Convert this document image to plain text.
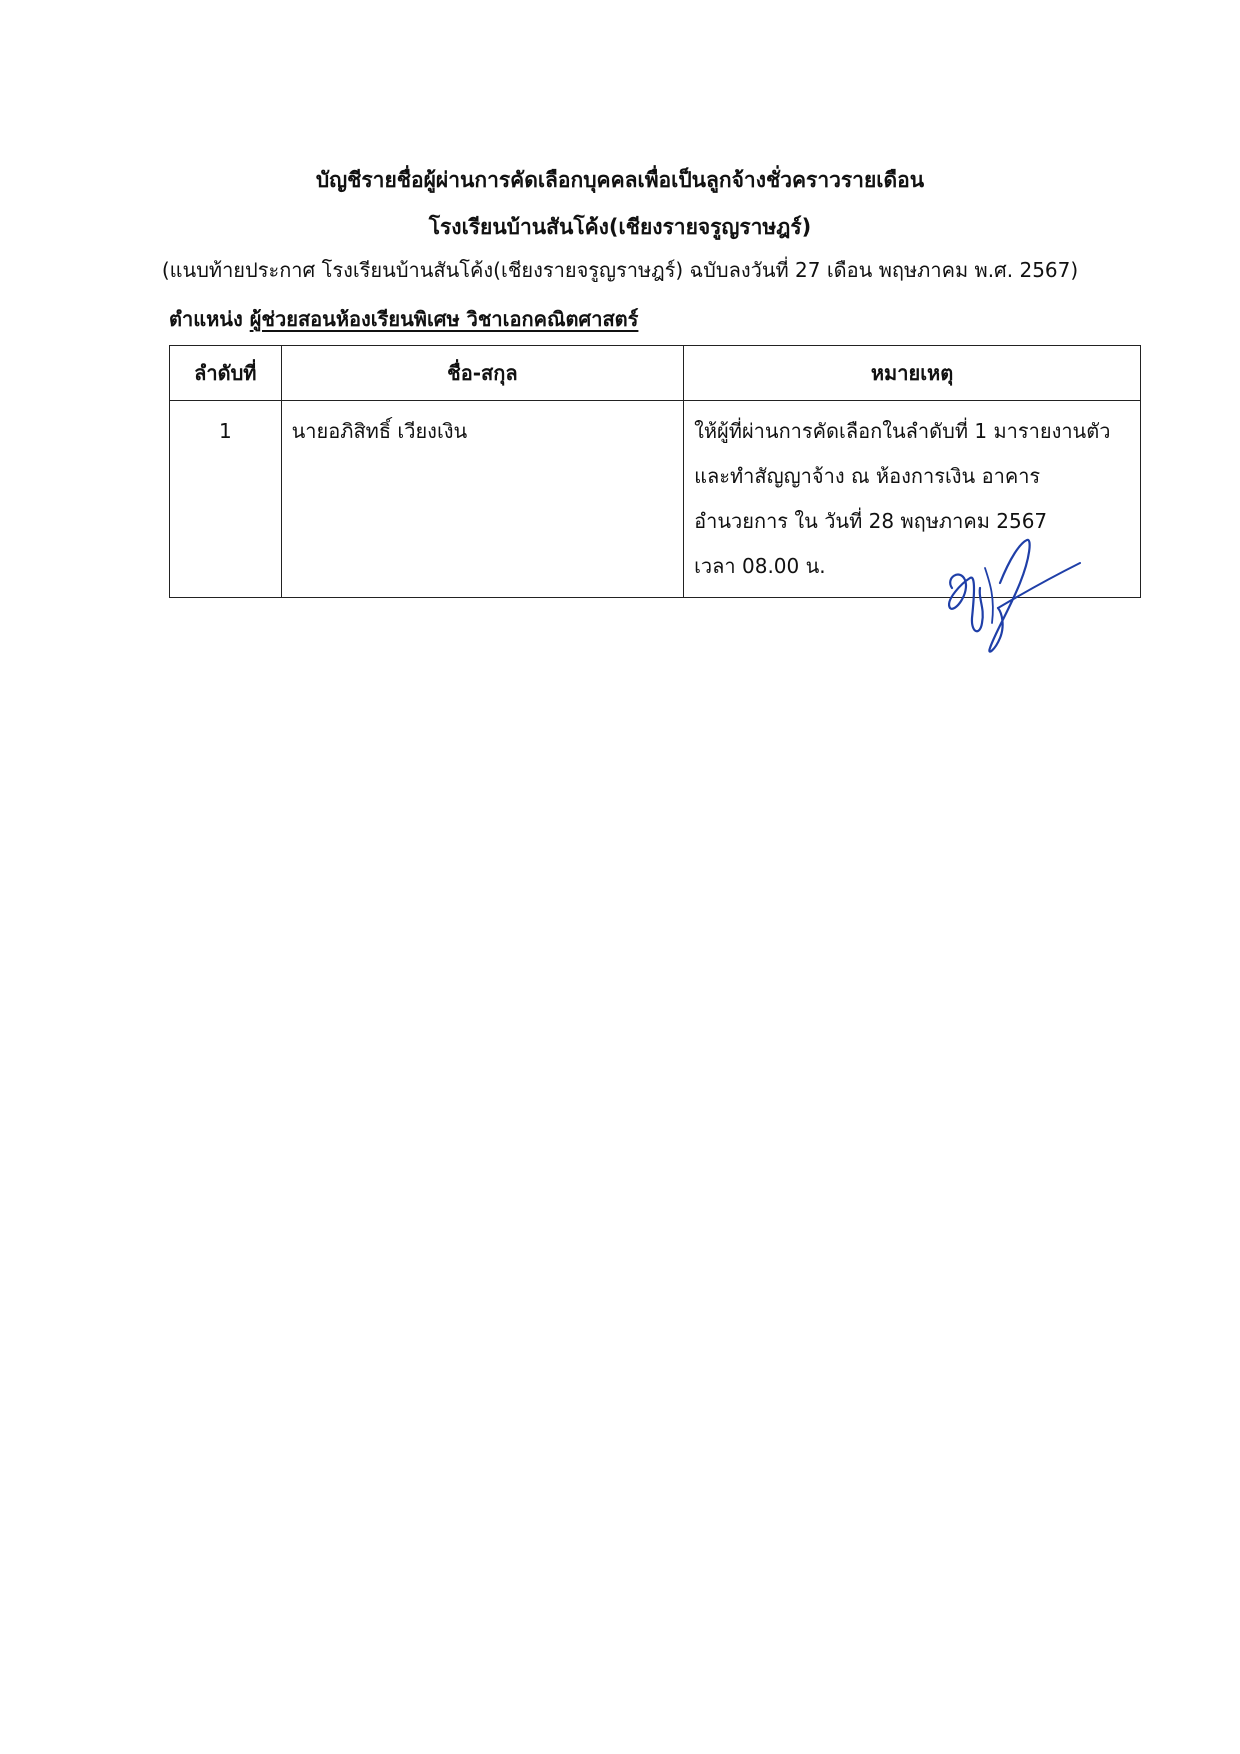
บัญชีรายชื่อผู้ผ่านการคัดเลือกบุคคลเพื่อเป็นลูกจ้างชั่วคราวรายเดือน
โรงเรียนบ้านสันโค้ง(เชียงรายจรูญราษฎร์)
(แนบท้ายประกาศ โรงเรียนบ้านสันโค้ง(เชียงรายจรูญราษฎร์) ฉบับลงวันที่ 27 เดือน พฤษภาคม พ.ศ. 2567)
ตำแหน่ง ผู้ช่วยสอนห้องเรียนพิเศษ วิชาเอกคณิตศาสตร์
ลำดับที่	ชื่อ-สกุล	หมายเหตุ
1	นายอภิสิทธิ์ เวียงเงิน	ให้ผู้ที่ผ่านการคัดเลือกในลำดับที่ 1 มารายงานตัว
และทำสัญญาจ้าง ณ ห้องการเงิน อาคาร
อำนวยการ ใน วันที่ 28 พฤษภาคม 2567
เวลา 08.00 น.
